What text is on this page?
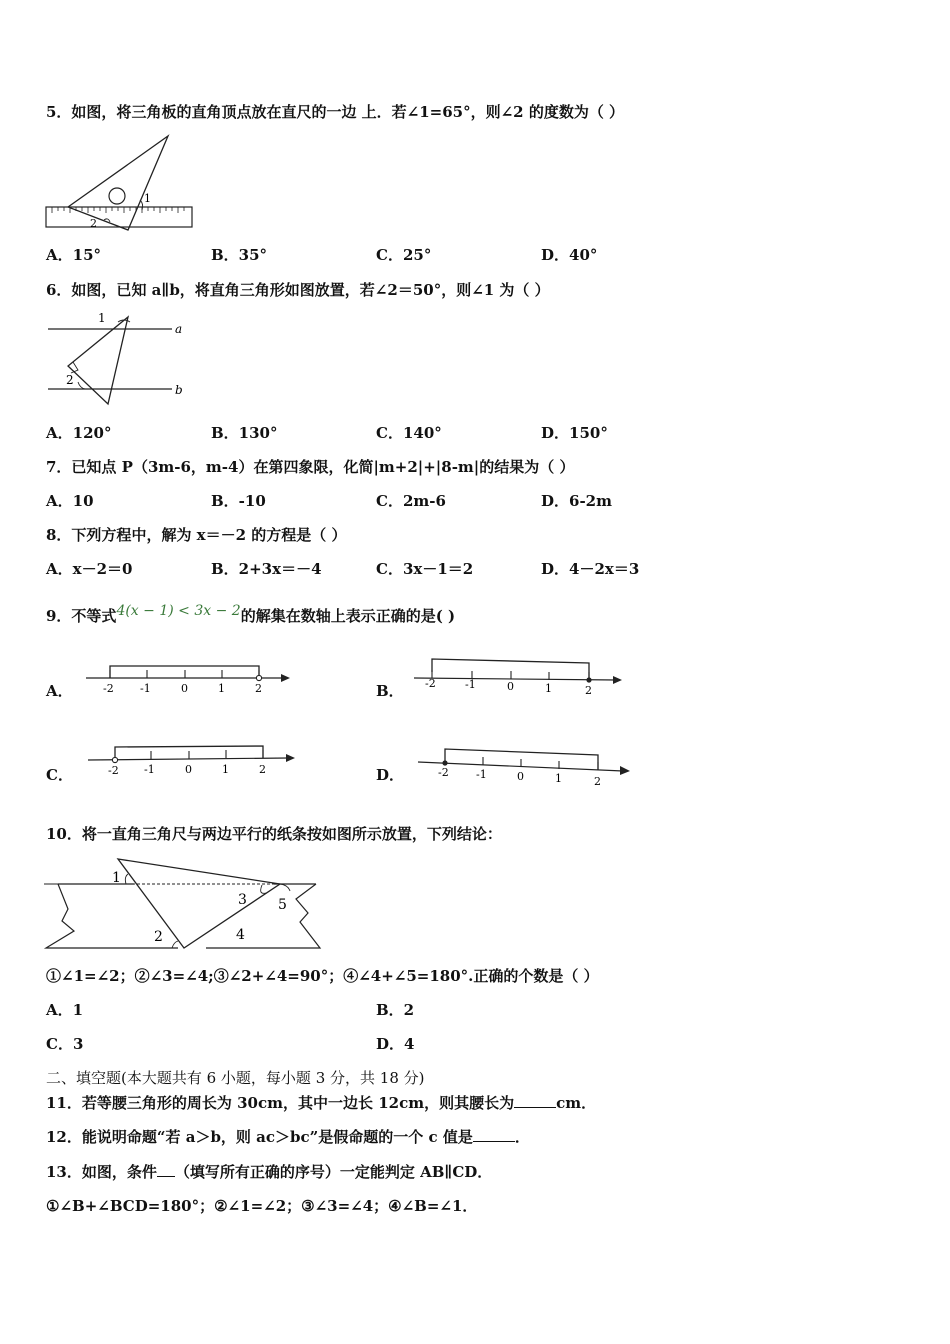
5．如图，将三角板的直角顶点放在直尺的一边 上．若∠1=65°，则∠2 的度数为（ ）
1
2
A．15°	B．35°	C．25°	D．40°
6．如图，已知 a∥b，将直角三角形如图放置，若∠2＝50°，则∠1 为（ ）
1
2
a
b
A．120°	B．130°	C．140°	D．150°
7．已知点 P（3m-6，m-4）在第四象限，化简|m+2|+|8-m|的结果为（ ）
A．10	B．-10	C．2m-6	D．6-2m
8．下列方程中，解为 x＝－2 的方程是（ ）
A．x－2＝0	B．2+3x＝－4	C．3x－1＝2	D．4－2x＝3
9．不等式4(x − 1) < 3x − 2的解集在数轴上表示正确的是( )
A．	-2 -1	0	1	2	B． -2	-1	0	1	2
C．	-2 -1	0	1	2	D．	-2 -1	0	1	2
10．将一直角三角尺与两边平行的纸条按如图所示放置，下列结论：
1
2
3
4
5
①∠1=∠2；②∠3=∠4;③∠2+∠4=90°；④∠4+∠5=180°.正确的个数是（ ）
A．1	B．2
C．3	D．4
二、填空题(本大题共有 6 小题，每小题 3 分，共 18 分)
11．若等腰三角形的周长为 30cm，其中一边长 12cm，则其腰长为	cm．
12．能说明命题“若 a＞b，则 ac＞bc”是假命题的一个 c 值是	．
13．如图，条件 （填写所有正确的序号）一定能判定 AB∥CD．
①∠B+∠BCD=180°；②∠1=∠2；③∠3=∠4；④∠B=∠1．
